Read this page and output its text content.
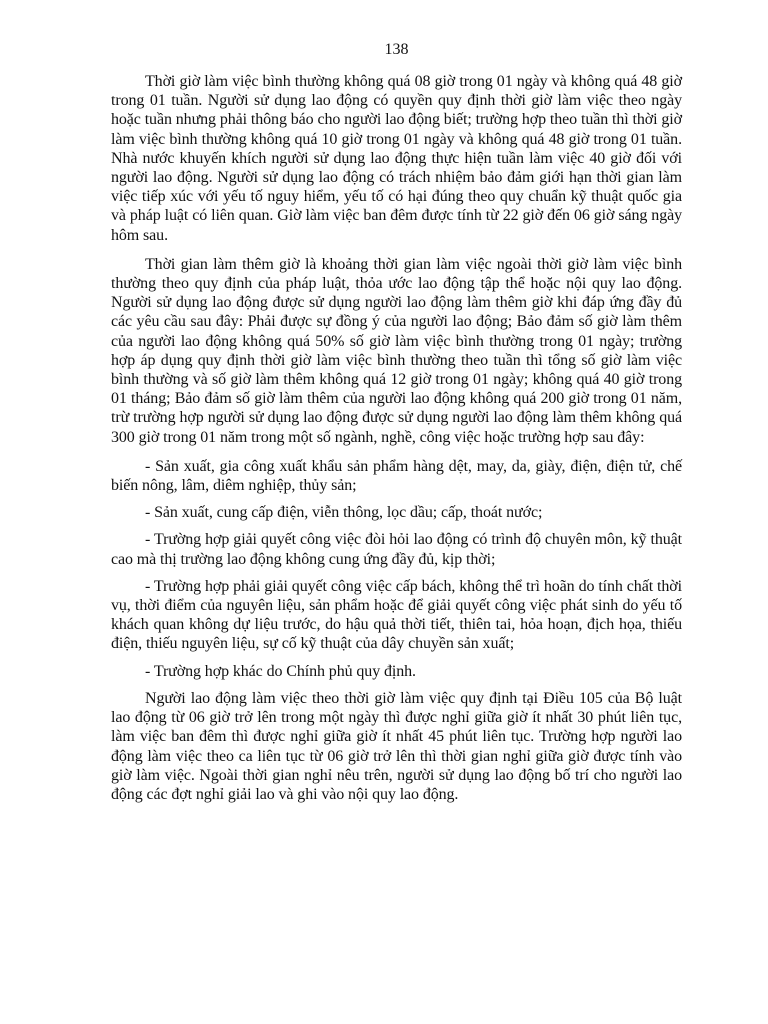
138

Thời giờ làm việc bình thường không quá 08 giờ trong 01 ngày và không quá 48 giờ trong 01 tuần. Người sử dụng lao động có quyền quy định thời giờ làm việc theo ngày hoặc tuần nhưng phải thông báo cho người lao động biết; trường hợp theo tuần thì thời giờ làm việc bình thường không quá 10 giờ trong 01 ngày và không quá 48 giờ trong 01 tuần. Nhà nước khuyến khích người sử dụng lao động thực hiện tuần làm việc 40 giờ đối với người lao động. Người sử dụng lao động có trách nhiệm bảo đảm giới hạn thời gian làm việc tiếp xúc với yếu tố nguy hiểm, yếu tố có hại đúng theo quy chuẩn kỹ thuật quốc gia và pháp luật có liên quan. Giờ làm việc ban đêm được tính từ 22 giờ đến 06 giờ sáng ngày hôm sau.

Thời gian làm thêm giờ là khoảng thời gian làm việc ngoài thời giờ làm việc bình thường theo quy định của pháp luật, thỏa ước lao động tập thể hoặc nội quy lao động. Người sử dụng lao động được sử dụng người lao động làm thêm giờ khi đáp ứng đầy đủ các yêu cầu sau đây: Phải được sự đồng ý của người lao động; Bảo đảm số giờ làm thêm của người lao động không quá 50% số giờ làm việc bình thường trong 01 ngày; trường hợp áp dụng quy định thời giờ làm việc bình thường theo tuần thì tổng số giờ làm việc bình thường và số giờ làm thêm không quá 12 giờ trong 01 ngày; không quá 40 giờ trong 01 tháng; Bảo đảm số giờ làm thêm của người lao động không quá 200 giờ trong 01 năm, trừ trường hợp người sử dụng lao động được sử dụng người lao động làm thêm không quá 300 giờ trong 01 năm trong một số ngành, nghề, công việc hoặc trường hợp sau đây:

- Sản xuất, gia công xuất khẩu sản phẩm hàng dệt, may, da, giày, điện, điện tử, chế biến nông, lâm, diêm nghiệp, thủy sản;

- Sản xuất, cung cấp điện, viễn thông, lọc dầu; cấp, thoát nước;

- Trường hợp giải quyết công việc đòi hỏi lao động có trình độ chuyên môn, kỹ thuật cao mà thị trường lao động không cung ứng đầy đủ, kịp thời;

- Trường hợp phải giải quyết công việc cấp bách, không thể trì hoãn do tính chất thời vụ, thời điểm của nguyên liệu, sản phẩm hoặc để giải quyết công việc phát sinh do yếu tố khách quan không dự liệu trước, do hậu quả thời tiết, thiên tai, hỏa hoạn, địch họa, thiếu điện, thiếu nguyên liệu, sự cố kỹ thuật của dây chuyền sản xuất;

- Trường hợp khác do Chính phủ quy định.

Người lao động làm việc theo thời giờ làm việc quy định tại Điều 105 của Bộ luật lao động từ 06 giờ trở lên trong một ngày thì được nghỉ giữa giờ ít nhất 30 phút liên tục, làm việc ban đêm thì được nghỉ giữa giờ ít nhất 45 phút liên tục. Trường hợp người lao động làm việc theo ca liên tục từ 06 giờ trở lên thì thời gian nghỉ giữa giờ được tính vào giờ làm việc. Ngoài thời gian nghỉ nêu trên, người sử dụng lao động bố trí cho người lao động các đợt nghỉ giải lao và ghi vào nội quy lao động.
